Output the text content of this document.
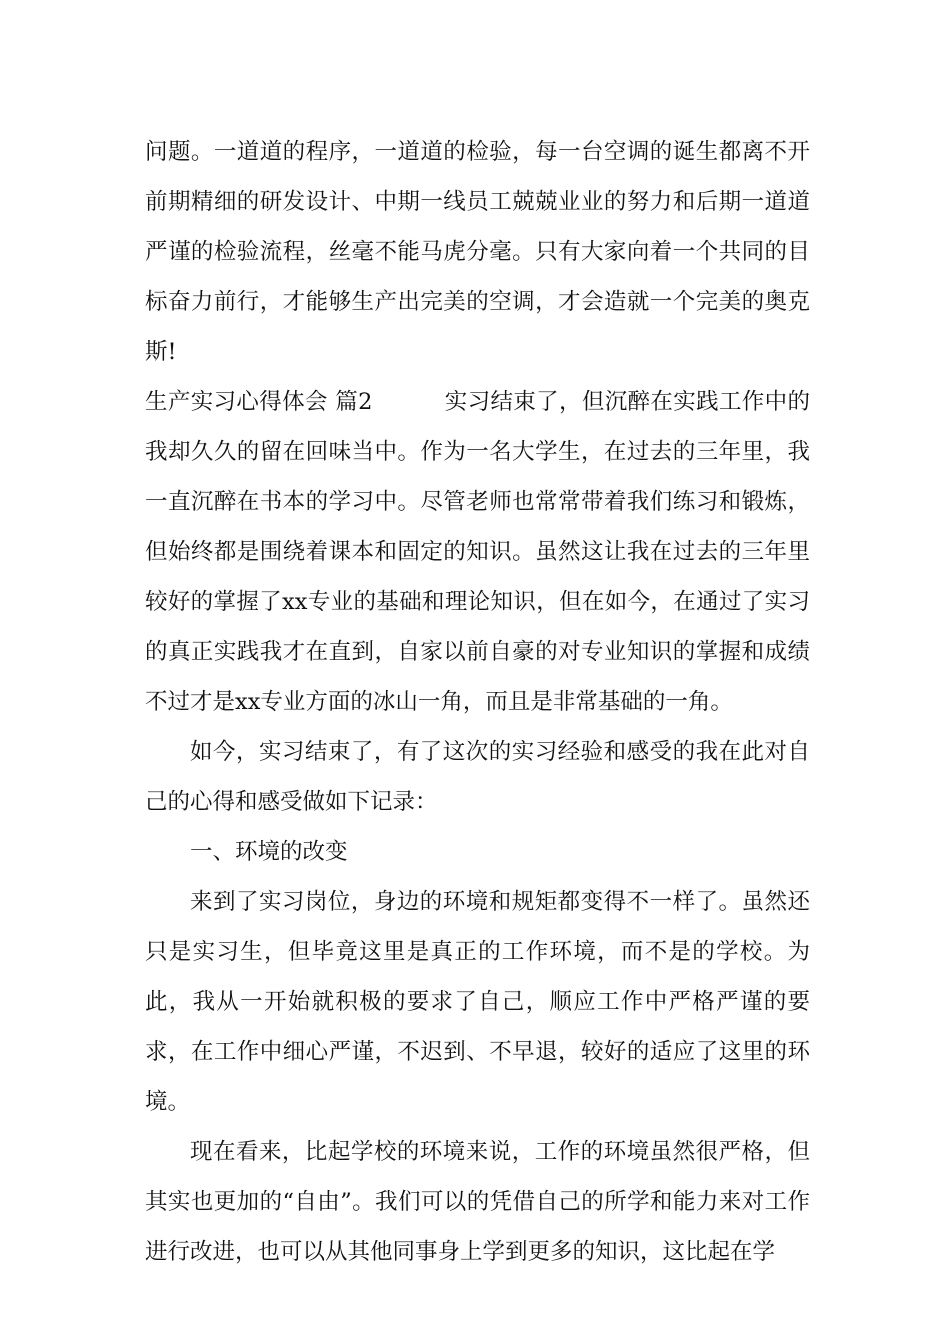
问题。一道道的程序，一道道的检验，每一台空调的诞生都离不开前期精细的研发设计、中期一线员工兢兢业业的努力和后期一道道严谨的检验流程，丝毫不能马虎分毫。只有大家向着一个共同的目标奋力前行，才能够生产出完美的空调，才会造就一个完美的奥克斯!

生产实习心得体会 篇2	实习结束了，但沉醉在实践工作中的我却久久的留在回味当中。作为一名大学生，在过去的三年里，我一直沉醉在书本的学习中。尽管老师也常常带着我们练习和锻炼，但始终都是围绕着课本和固定的知识。虽然这让我在过去的三年里较好的掌握了xx专业的基础和理论知识，但在如今，在通过了实习的真正实践我才在直到，自家以前自豪的对专业知识的掌握和成绩不过才是xx专业方面的冰山一角，而且是非常基础的一角。

如今，实习结束了，有了这次的实习经验和感受的我在此对自己的心得和感受做如下记录：

一、环境的改变

来到了实习岗位，身边的环境和规矩都变得不一样了。虽然还只是实习生，但毕竟这里是真正的工作环境，而不是的学校。为此，我从一开始就积极的要求了自己，顺应工作中严格严谨的要求，在工作中细心严谨，不迟到、不早退，较好的适应了这里的环境。

现在看来，比起学校的环境来说，工作的环境虽然很严格，但其实也更加的“自由”。我们可以的凭借自己的所学和能力来对工作进行改进，也可以从其他同事身上学到更多的知识，这比起在学
